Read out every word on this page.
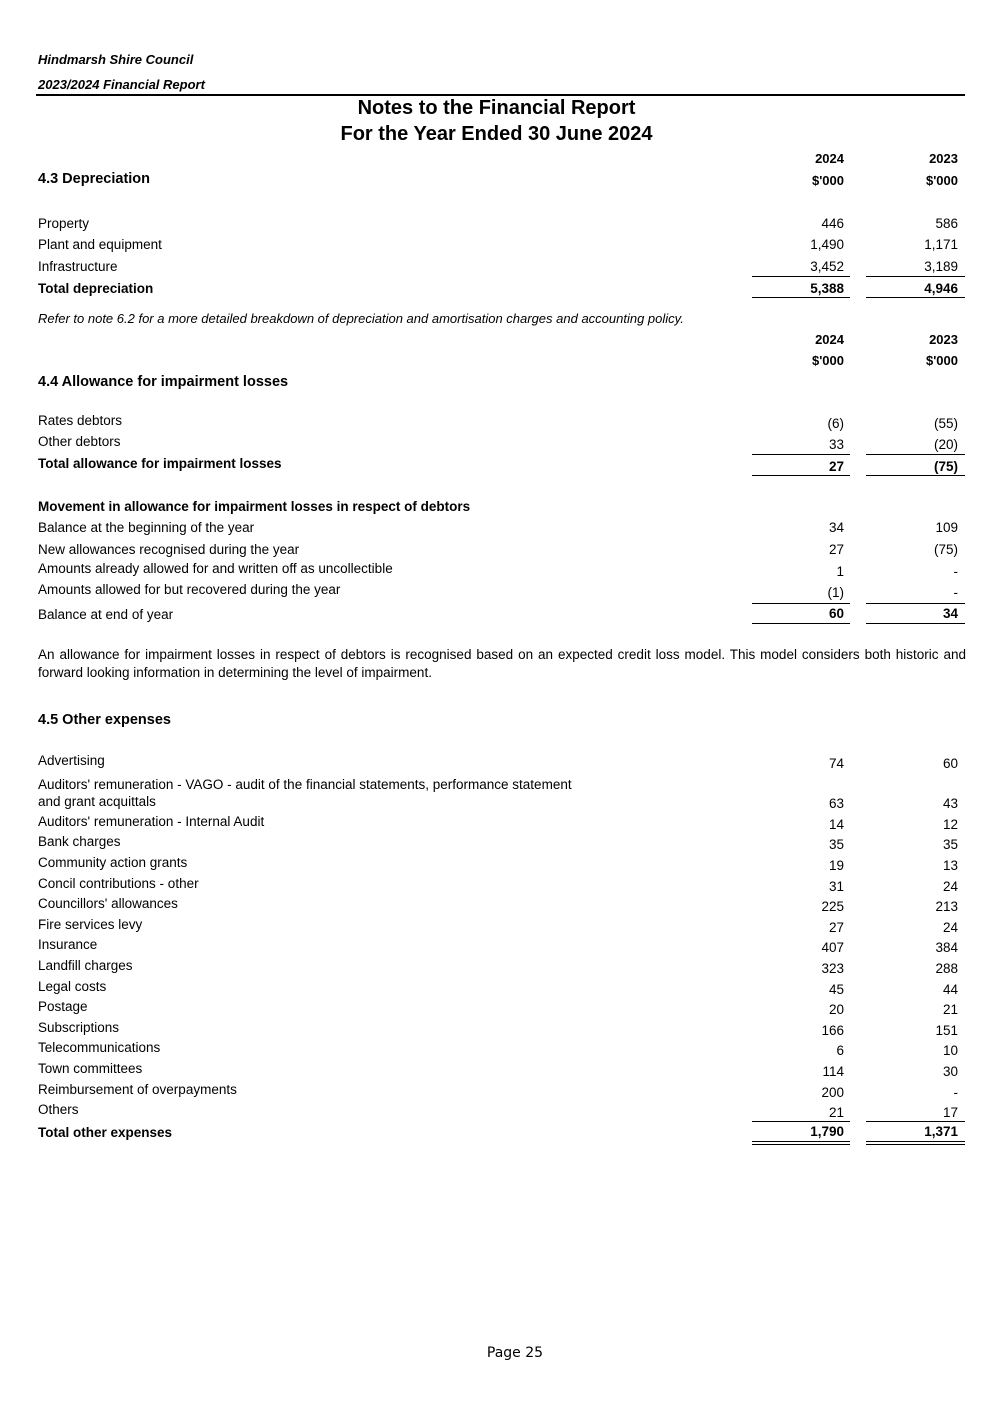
Hindmarsh Shire Council
2023/2024 Financial Report
Notes to the Financial Report
For the Year Ended 30 June 2024
2024	2023
4.3 Depreciation	$'000	$'000
Property	446	586
Plant and equipment	1,490	1,171
Infrastructure	3,452	3,189
Total depreciation	5,388	4,946
Refer to note 6.2 for a more detailed breakdown of depreciation and amortisation charges and accounting policy.
2024	2023
$'000	$'000
4.4 Allowance for impairment losses
Rates debtors	(6)	(55)
Other debtors	33	(20)
Total allowance for impairment losses	27	(75)
Movement in allowance for impairment losses in respect of debtors
Balance at the beginning of the year	34	109
New allowances recognised during the year	27	(75)
Amounts already allowed for and written off as uncollectible	1	-
Amounts allowed for but recovered during the year	(1)	-
Balance at end of year	60	34
An allowance for impairment losses in respect of debtors is recognised based on an expected credit loss model. This model considers both historic and forward looking information in determining the level of impairment.
4.5 Other expenses
Advertising	74	60
Auditors' remuneration - VAGO - audit of the financial statements, performance statement
and grant acquittals	63	43
Auditors' remuneration - Internal Audit	14	12
Bank charges	35	35
Community action grants	19	13
Concil contributions - other	31	24
Councillors' allowances	225	213
Fire services levy	27	24
Insurance	407	384
Landfill charges	323	288
Legal costs	45	44
Postage	20	21
Subscriptions	166	151
Telecommunications	6	10
Town committees	114	30
Reimbursement of overpayments	200	-
Others	21	17
Total other expenses	1,790	1,371
Page 25
